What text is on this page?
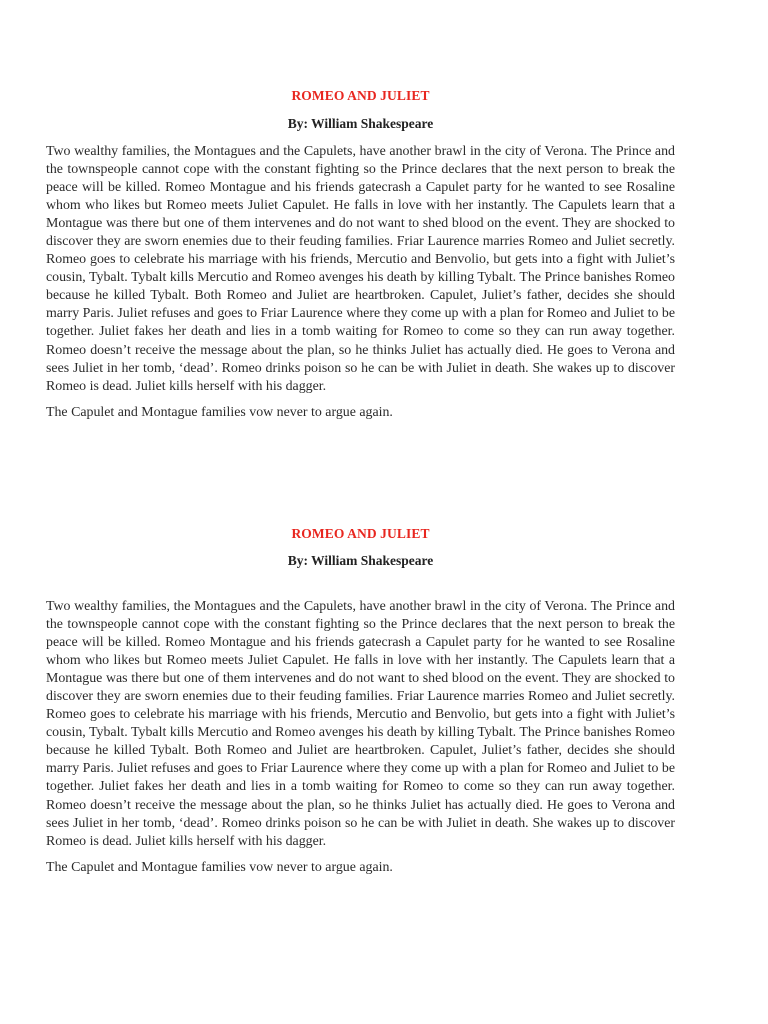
ROMEO AND JULIET

By: William Shakespeare

Two wealthy families, the Montagues and the Capulets, have another brawl in the city of Verona. The Prince and the townspeople cannot cope with the constant fighting so the Prince declares that the next person to break the peace will be killed. Romeo Montague and his friends gatecrash a Capulet party for he wanted to see Rosaline whom who likes but Romeo meets Juliet Capulet. He falls in love with her instantly. The Capulets learn that a Montague was there but one of them intervenes and do not want to shed blood on the event. They are shocked to discover they are sworn enemies due to their feuding families. Friar Laurence marries Romeo and Juliet secretly. Romeo goes to celebrate his marriage with his friends, Mercutio and Benvolio, but gets into a fight with Juliet’s cousin, Tybalt. Tybalt kills Mercutio and Romeo avenges his death by killing Tybalt. The Prince banishes Romeo because he killed Tybalt. Both Romeo and Juliet are heartbroken. Capulet, Juliet’s father, decides she should marry Paris. Juliet refuses and goes to Friar Laurence where they come up with a plan for Romeo and Juliet to be together. Juliet fakes her death and lies in a tomb waiting for Romeo to come so they can run away together. Romeo doesn’t receive the message about the plan, so he thinks Juliet has actually died. He goes to Verona and sees Juliet in her tomb, ‘dead’. Romeo drinks poison so he can be with Juliet in death. She wakes up to discover Romeo is dead. Juliet kills herself with his dagger.

The Capulet and Montague families vow never to argue again.

ROMEO AND JULIET

By: William Shakespeare

Two wealthy families, the Montagues and the Capulets, have another brawl in the city of Verona. The Prince and the townspeople cannot cope with the constant fighting so the Prince declares that the next person to break the peace will be killed. Romeo Montague and his friends gatecrash a Capulet party for he wanted to see Rosaline whom who likes but Romeo meets Juliet Capulet. He falls in love with her instantly. The Capulets learn that a Montague was there but one of them intervenes and do not want to shed blood on the event. They are shocked to discover they are sworn enemies due to their feuding families. Friar Laurence marries Romeo and Juliet secretly. Romeo goes to celebrate his marriage with his friends, Mercutio and Benvolio, but gets into a fight with Juliet’s cousin, Tybalt. Tybalt kills Mercutio and Romeo avenges his death by killing Tybalt. The Prince banishes Romeo because he killed Tybalt. Both Romeo and Juliet are heartbroken. Capulet, Juliet’s father, decides she should marry Paris. Juliet refuses and goes to Friar Laurence where they come up with a plan for Romeo and Juliet to be together. Juliet fakes her death and lies in a tomb waiting for Romeo to come so they can run away together. Romeo doesn’t receive the message about the plan, so he thinks Juliet has actually died. He goes to Verona and sees Juliet in her tomb, ‘dead’. Romeo drinks poison so he can be with Juliet in death. She wakes up to discover Romeo is dead. Juliet kills herself with his dagger.

The Capulet and Montague families vow never to argue again.
